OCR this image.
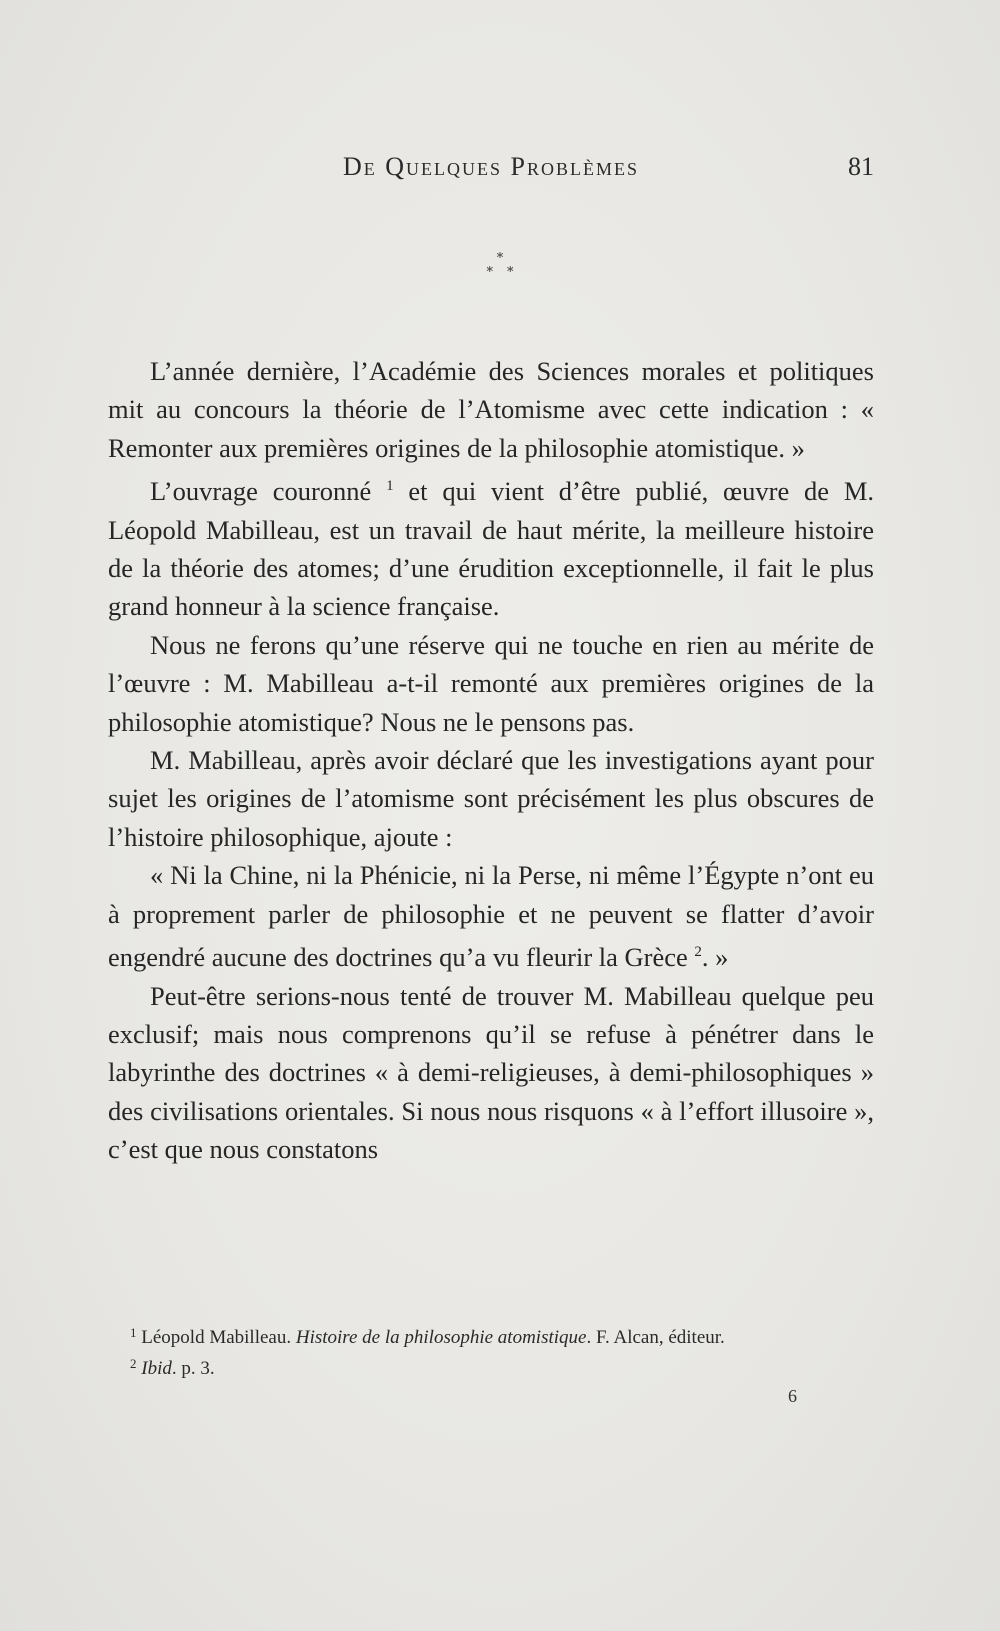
De Quelques Problèmes	81
*
**

L’année dernière, l’Académie des Sciences morales et politiques mit au concours la théorie de l’Atomisme avec cette indication : « Remonter aux premières origines de la philosophie atomistique. »

L’ouvrage couronné $^1$ et qui vient d’être publié, œuvre de M. Léopold Mabilleau, est un travail de haut mérite, la meilleure histoire de la théorie des atomes; d’une érudition exceptionnelle, il fait le plus grand honneur à la science française.

Nous ne ferons qu’une réserve qui ne touche en rien au mérite de l’œuvre : M. Mabilleau a-t-il remonté aux premières origines de la philosophie atomistique? Nous ne le pensons pas.

M. Mabilleau, après avoir déclaré que les investigations ayant pour sujet les origines de l’atomisme sont précisément les plus obscures de l’histoire philosophique, ajoute :

« Ni la Chine, ni la Phénicie, ni la Perse, ni même l’Égypte n’ont eu à proprement parler de philosophie et ne peuvent se flatter d’avoir engendré aucune des doctrines qu’a vu fleurir la Grèce $^2$. »

Peut-être serions-nous tenté de trouver M. Mabilleau quelque peu exclusif; mais nous comprenons qu’il se refuse à pénétrer dans le labyrinthe des doctrines « à demi-religieuses, à demi-philosophiques » des civilisations orientales. Si nous nous risquons « à l’effort illusoire », c’est que nous constatons

$^1$ Léopold Mabilleau. Histoire de la philosophie atomistique. F. Alcan, éditeur.

$^2$ Ibid. p. 3.

6
